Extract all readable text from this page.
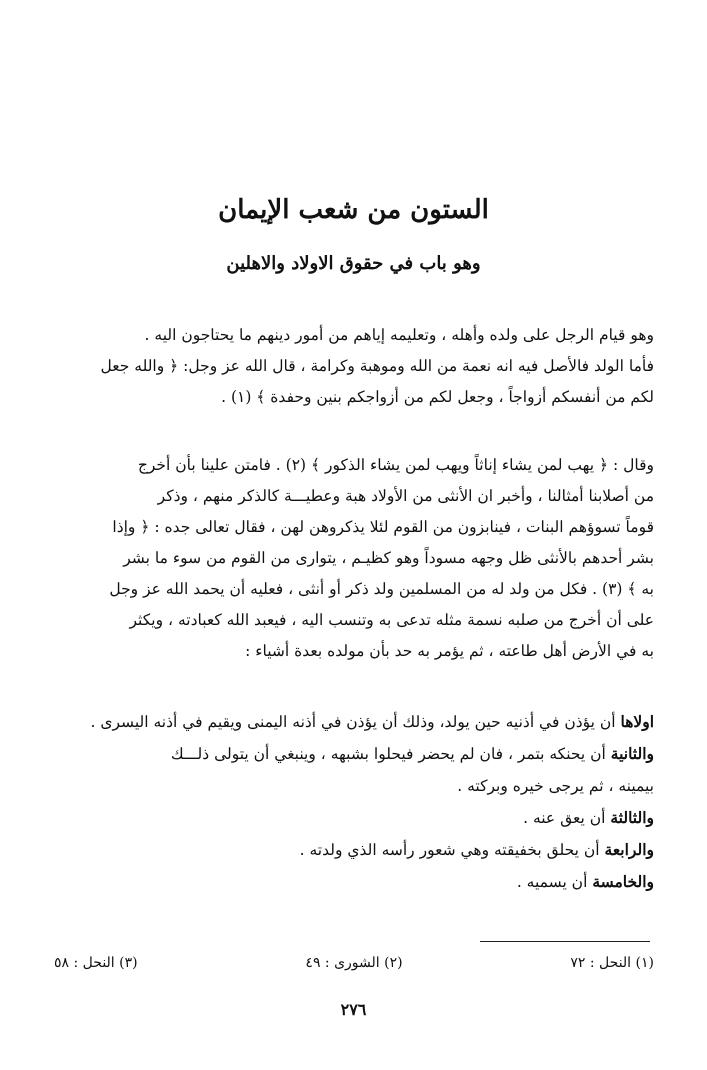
الستون من شعب الإيمان
وهو باب في حقوق الاولاد والاهلين
وهو قيام الرجل على ولده وأهله ، وتعليمه إياهم من أمور دينهم ما يحتاجون اليه .
فأما الولد فالأصل فيه انه نعمة من الله وموهبة وكرامة ، قال الله عز وجل: ﴿ والله جعل
لكم من أنفسكم أزواجاً ، وجعل لكم من أزواجكم بنين وحفدة ﴾ (١) .
وقال : ﴿ يهب لمن يشاء إناثاً ويهب لمن يشاء الذكور ﴾ (٢) . فامتن علينا بأن أخرج
من أصلابنا أمثالنا ، وأخبر ان الأنثى من الأولاد هبة وعطيـــة كالذكر منهم ، وذكر
قوماً تسوؤهم البنات ، فينابزون من القوم لئلا يذكروهن لهن ، فقال تعالى جده : ﴿ وإذا
بشر أحدهم بالأنثى ظل وجهه مسوداً وهو كظيـم ، يتوارى من القوم من سوء ما بشر
به ﴾ (٣) . فكل من ولد له من المسلمين ولد ذكر أو أنثى ، فعليه أن يحمد الله عز وجل
على أن أخرج من صلبه نسمة مثله تدعى به وتنسب اليه ، فيعبد الله كعبادته ، ويكثر
به في الأرض أهل طاعته ، ثم يؤمر به حد بأن مولده بعدة أشياء :
اولاها أن يؤذن في أذنيه حين يولد، وذلك أن يؤذن في أذنه اليمنى ويقيم في أذنه اليسرى .
والثانية أن يحنكه بتمر ، فان لم يحضر فيحلوا بشبهه ، وينبغي أن يتولى ذلـــك
بيمينه ، ثم يرجى خيره وبركته .
والثالثة أن يعق عنه .
والرابعة أن يحلق بخفيقته وهي شعور رأسه الذي ولدته .
والخامسة أن يسميه .
(١) النحل : ٧٢
(٢) الشورى : ٤٩
(٣) النحل : ٥٨
٢٧٦
